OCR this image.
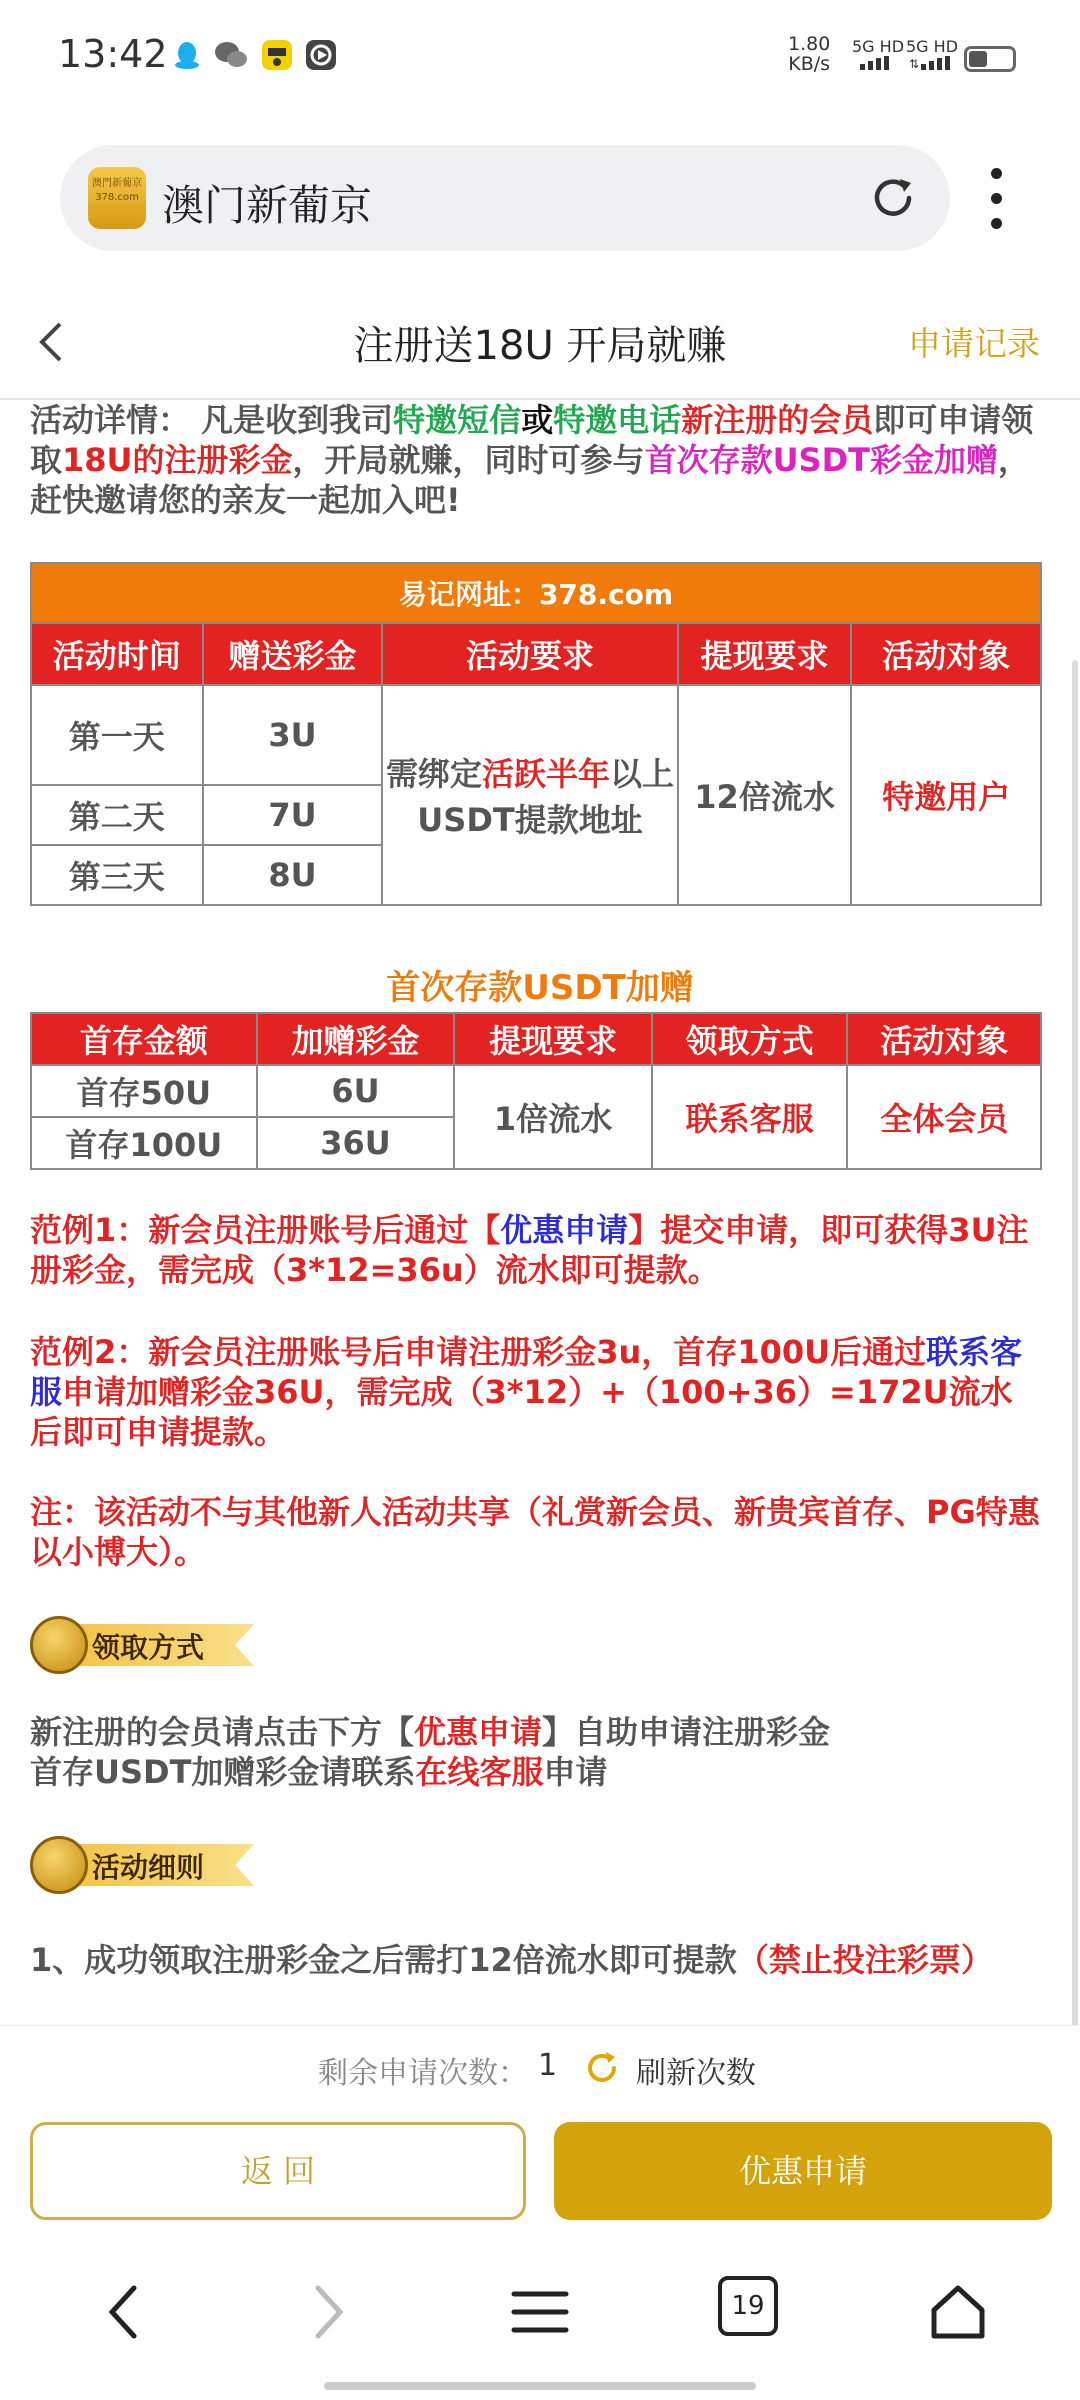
13:42	1.80
KB/s
5G HD 5G HD
⇅
澳門新葡京 378.com 澳门新葡京
注册送18U 开局就赚	申请记录
活动详情： 凡是收到我司特邀短信或特邀电话新注册的会员即可申请领取18U的注册彩金，开局就赚，同时可参与首次存款USDT彩金加赠，赶快邀请您的亲友一起加入吧!
易记网址：378.com				
活动时间	赠送彩金	活动要求	提现要求	活动对象
第一天	3U	需绑定活跃半年以上USDT提款地址	12倍流水	特邀用户
第二天	7U			
第三天	8U			
首次存款USDT加赠
首存金额	加赠彩金	提现要求	领取方式	活动对象
首存50U	6U	1倍流水	联系客服	全体会员
首存100U	36U			
范例1：新会员注册账号后通过【优惠申请】提交申请，即可获得3U注册彩金，需完成（3*12=36u）流水即可提款。
范例2：新会员注册账号后申请注册彩金3u，首存100U后通过联系客服申请加赠彩金36U，需完成（3*12）+（100+36）=172U流水后即可申请提款。
注：该活动不与其他新人活动共享（礼赏新会员、新贵宾首存、PG特惠以小博大）。
领取方式
新注册的会员请点击下方【优惠申请】自助申请注册彩金
首存USDT加赠彩金请联系在线客服申请
活动细则
1、成功领取注册彩金之后需打12倍流水即可提款（禁止投注彩票）
剩余申请次数： 1	刷新次数
返 回	优惠申请
19
